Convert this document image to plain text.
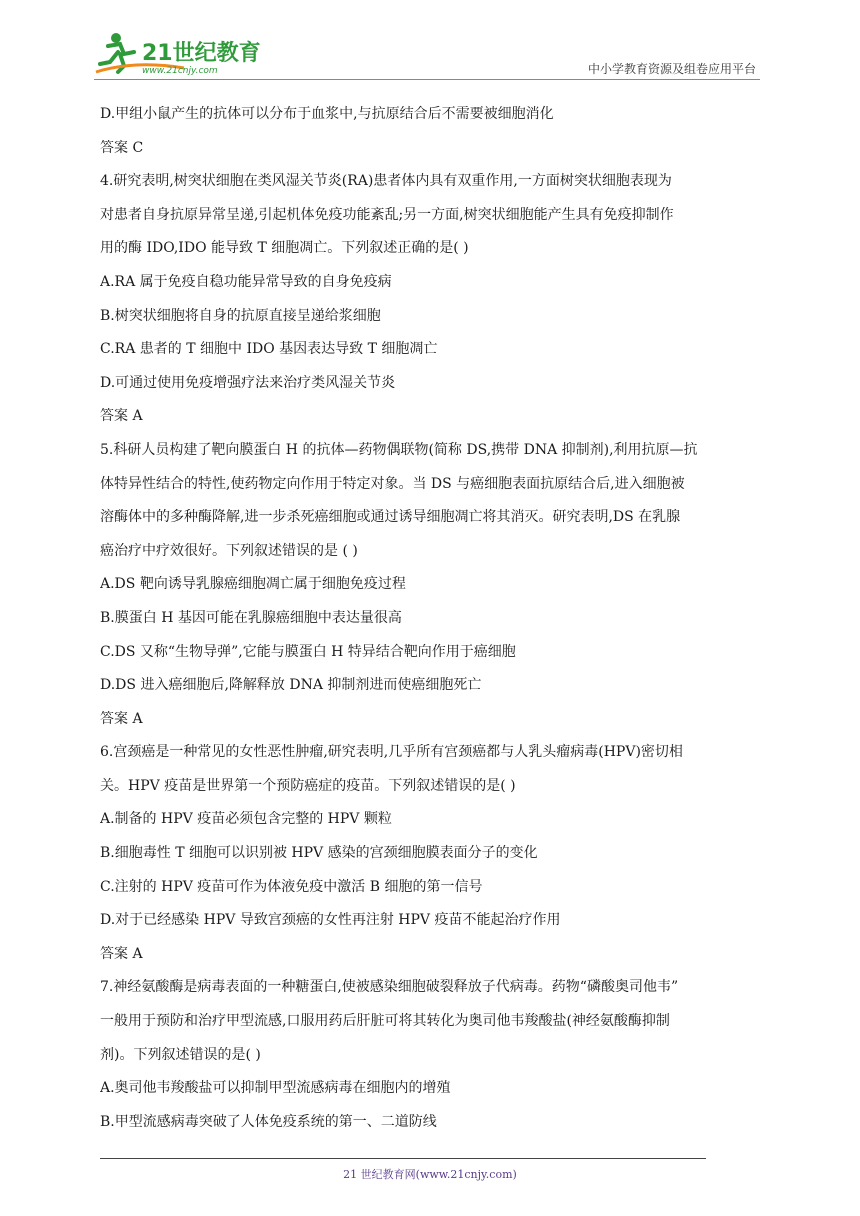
21世纪教育
www.21cnjy.com	中小学教育资源及组卷应用平台
D.甲组小鼠产生的抗体可以分布于血浆中,与抗原结合后不需要被细胞消化
答案 C
4.研究表明,树突状细胞在类风湿关节炎(RA)患者体内具有双重作用,一方面树突状细胞表现为
对患者自身抗原异常呈递,引起机体免疫功能紊乱;另一方面,树突状细胞能产生具有免疫抑制作
用的酶 IDO,IDO 能导致 T 细胞凋亡。下列叙述正确的是( )
A.RA 属于免疫自稳功能异常导致的自身免疫病
B.树突状细胞将自身的抗原直接呈递给浆细胞
C.RA 患者的 T 细胞中 IDO 基因表达导致 T 细胞凋亡
D.可通过使用免疫增强疗法来治疗类风湿关节炎
答案 A
5.科研人员构建了靶向膜蛋白 H 的抗体—药物偶联物(简称 DS,携带 DNA 抑制剂),利用抗原—抗
体特异性结合的特性,使药物定向作用于特定对象。当 DS 与癌细胞表面抗原结合后,进入细胞被
溶酶体中的多种酶降解,进一步杀死癌细胞或通过诱导细胞凋亡将其消灭。研究表明,DS 在乳腺
癌治疗中疗效很好。下列叙述错误的是 ( )
A.DS 靶向诱导乳腺癌细胞凋亡属于细胞免疫过程
B.膜蛋白 H 基因可能在乳腺癌细胞中表达量很高
C.DS 又称“生物导弹”,它能与膜蛋白 H 特异结合靶向作用于癌细胞
D.DS 进入癌细胞后,降解释放 DNA 抑制剂进而使癌细胞死亡
答案 A
6.宫颈癌是一种常见的女性恶性肿瘤,研究表明,几乎所有宫颈癌都与人乳头瘤病毒(HPV)密切相
关。HPV 疫苗是世界第一个预防癌症的疫苗。下列叙述错误的是( )
A.制备的 HPV 疫苗必须包含完整的 HPV 颗粒
B.细胞毒性 T 细胞可以识别被 HPV 感染的宫颈细胞膜表面分子的变化
C.注射的 HPV 疫苗可作为体液免疫中激活 B 细胞的第一信号
D.对于已经感染 HPV 导致宫颈癌的女性再注射 HPV 疫苗不能起治疗作用
答案 A
7.神经氨酸酶是病毒表面的一种糖蛋白,使被感染细胞破裂释放子代病毒。药物“磷酸奥司他韦”
一般用于预防和治疗甲型流感,口服用药后肝脏可将其转化为奥司他韦羧酸盐(神经氨酸酶抑制
剂)。下列叙述错误的是( )
A.奥司他韦羧酸盐可以抑制甲型流感病毒在细胞内的增殖
B.甲型流感病毒突破了人体免疫系统的第一、二道防线
21 世纪教育网(www.21cnjy.com)
